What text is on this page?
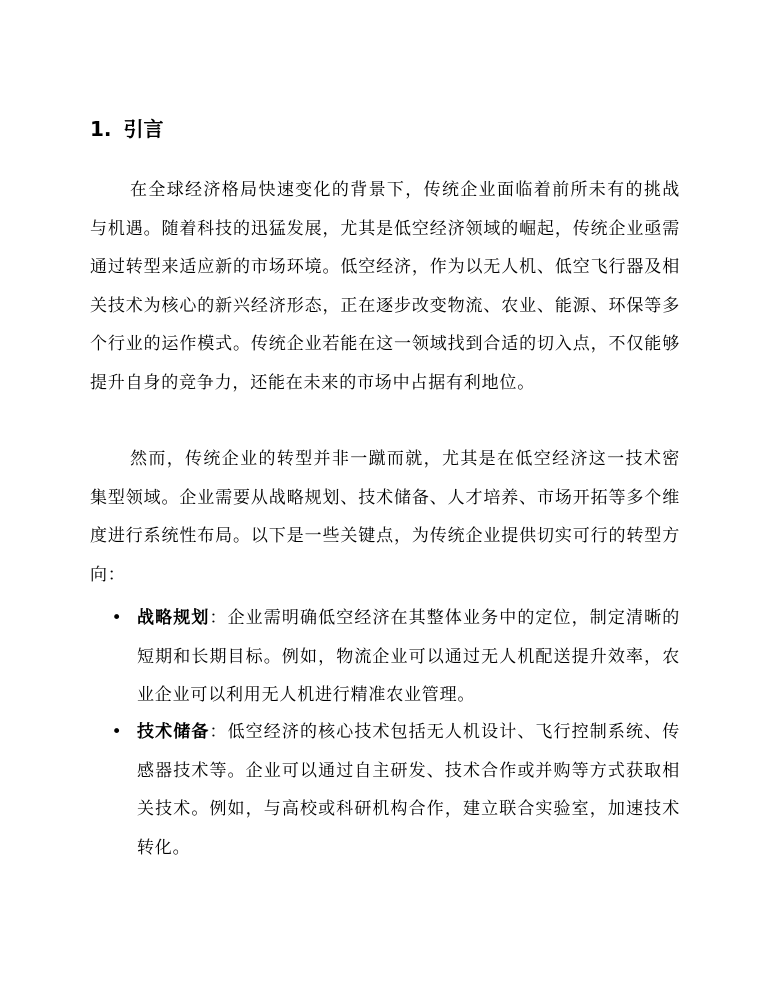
1. 引言

在全球经济格局快速变化的背景下，传统企业面临着前所未有的挑战与机遇。随着科技的迅猛发展，尤其是低空经济领域的崛起，传统企业亟需通过转型来适应新的市场环境。低空经济，作为以无人机、低空飞行器及相关技术为核心的新兴经济形态，正在逐步改变物流、农业、能源、环保等多个行业的运作模式。传统企业若能在这一领域找到合适的切入点，不仅能够提升自身的竞争力，还能在未来的市场中占据有利地位。

然而，传统企业的转型并非一蹴而就，尤其是在低空经济这一技术密集型领域。企业需要从战略规划、技术储备、人才培养、市场开拓等多个维度进行系统性布局。以下是一些关键点，为传统企业提供切实可行的转型方向：

• 战略规划：企业需明确低空经济在其整体业务中的定位，制定清晰的短期和长期目标。例如，物流企业可以通过无人机配送提升效率，农业企业可以利用无人机进行精准农业管理。
• 技术储备：低空经济的核心技术包括无人机设计、飞行控制系统、传感器技术等。企业可以通过自主研发、技术合作或并购等方式获取相关技术。例如，与高校或科研机构合作，建立联合实验室，加速技术转化。
